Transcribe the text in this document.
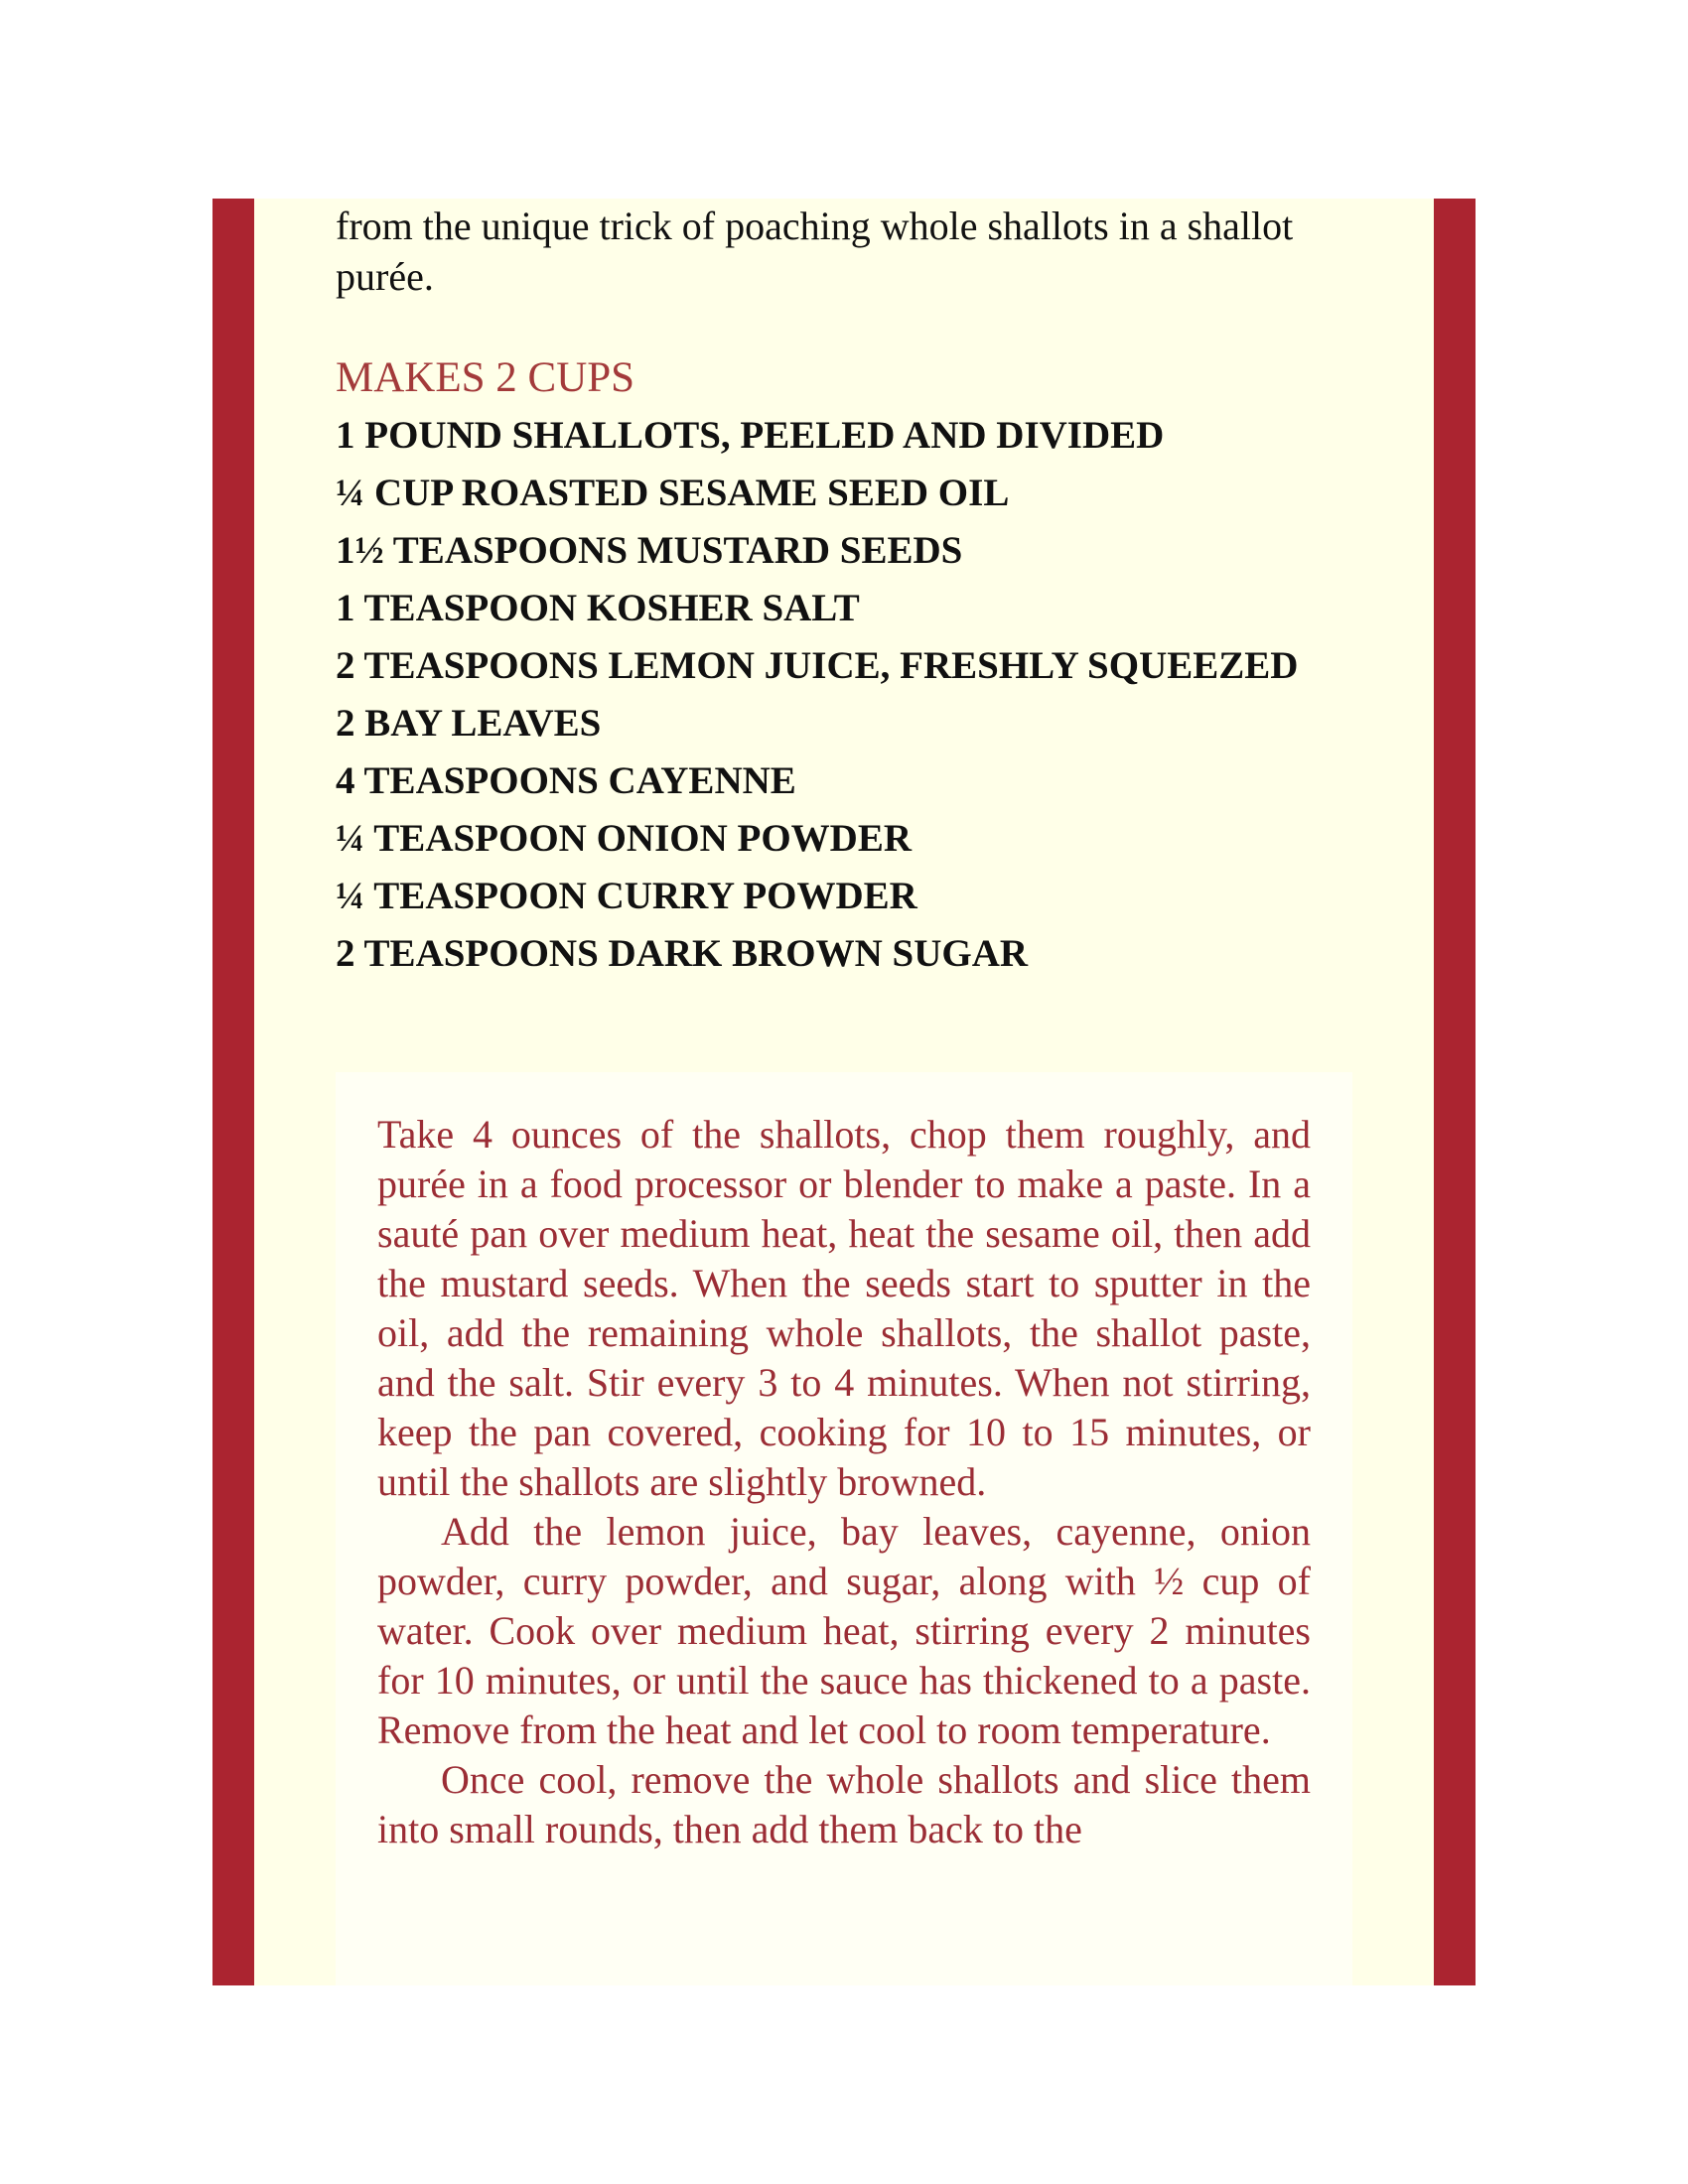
from the unique trick of poaching whole shallots in a shallot purée.

MAKES 2 CUPS
1 POUND SHALLOTS, PEELED AND DIVIDED
¼ CUP ROASTED SESAME SEED OIL
1½ TEASPOONS MUSTARD SEEDS
1 TEASPOON KOSHER SALT
2 TEASPOONS LEMON JUICE, FRESHLY SQUEEZED
2 BAY LEAVES
4 TEASPOONS CAYENNE
¼ TEASPOON ONION POWDER
¼ TEASPOON CURRY POWDER
2 TEASPOONS DARK BROWN SUGAR

Take 4 ounces of the shallots, chop them roughly, and purée in a food processor or blender to make a paste. In a sauté pan over medium heat, heat the sesame oil, then add the mustard seeds. When the seeds start to sputter in the oil, add the remaining whole shallots, the shallot paste, and the salt. Stir every 3 to 4 minutes. When not stirring, keep the pan covered, cooking for 10 to 15 minutes, or until the shallots are slightly browned.

Add the lemon juice, bay leaves, cayenne, onion powder, curry powder, and sugar, along with ½ cup of water. Cook over medium heat, stirring every 2 minutes for 10 minutes, or until the sauce has thickened to a paste. Remove from the heat and let cool to room temperature.

Once cool, remove the whole shallots and slice them into small rounds, then add them back to the
